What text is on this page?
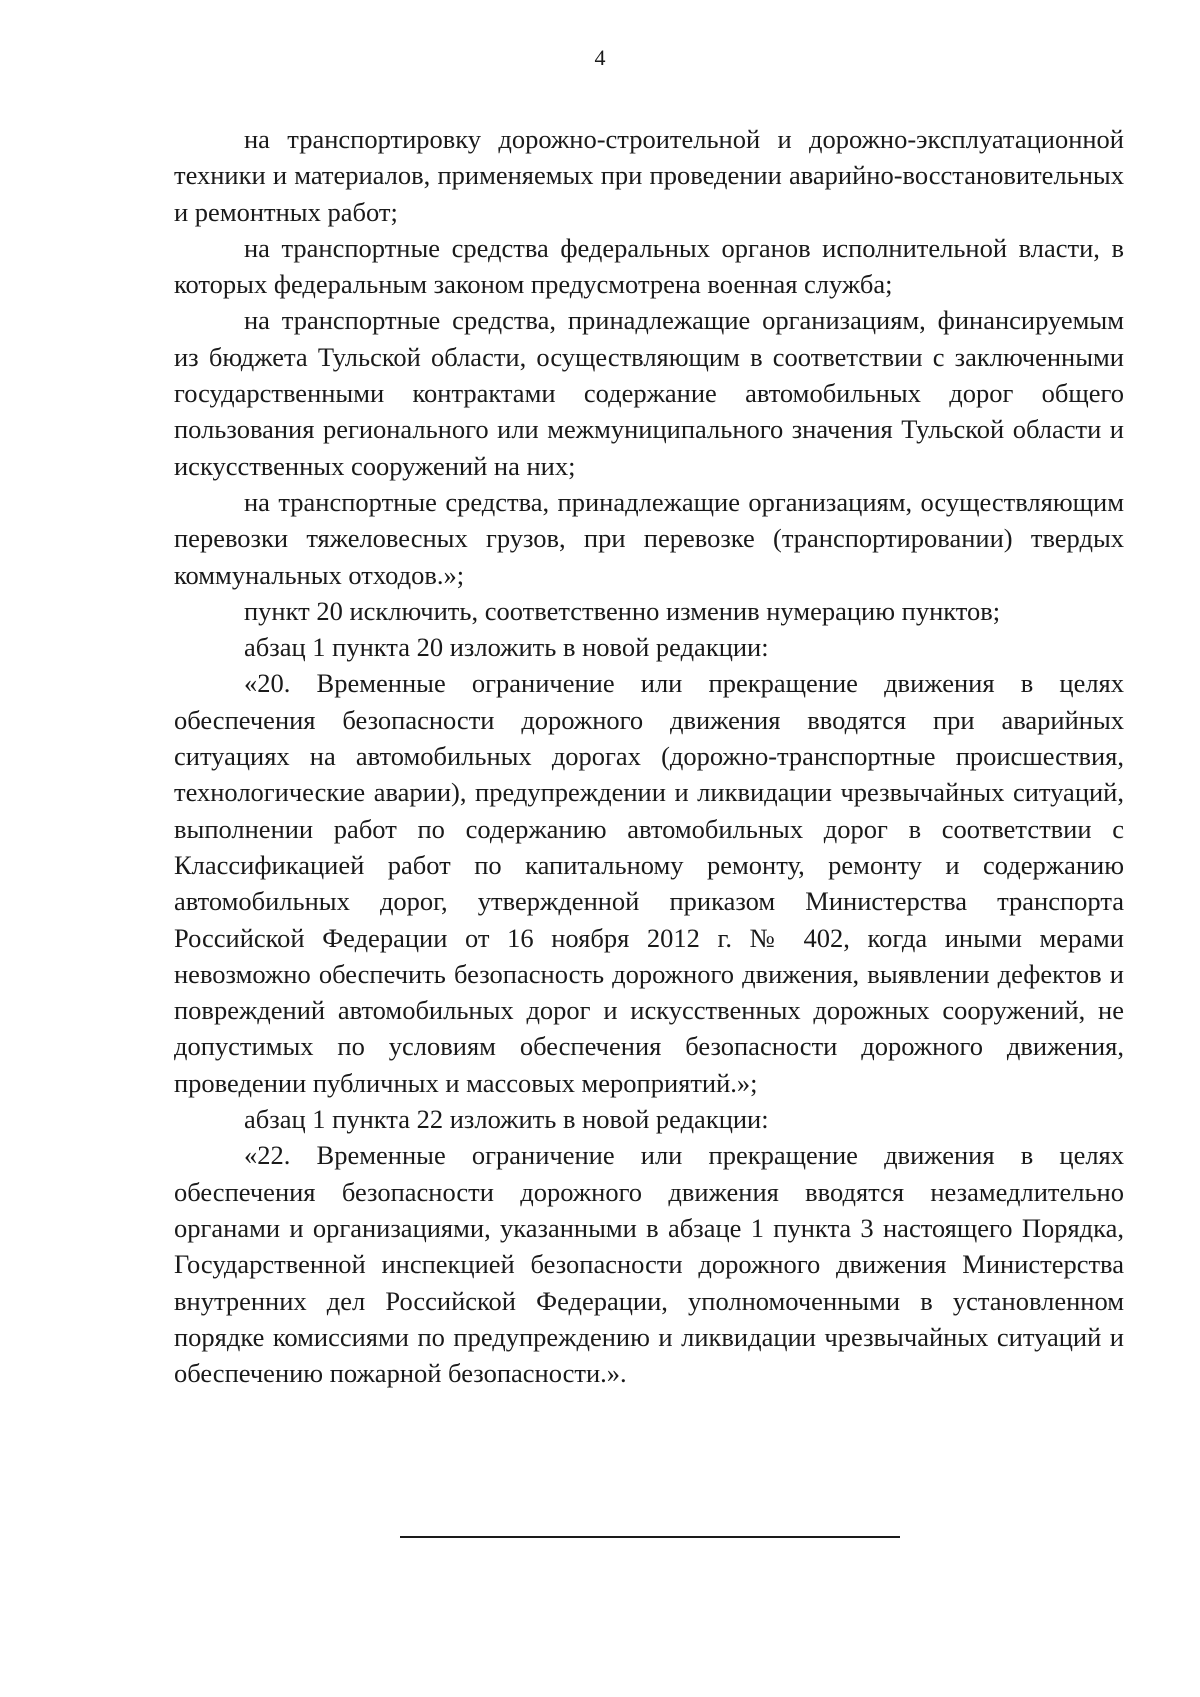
4

на транспортировку дорожно-строительной и дорожно-эксплуатационной техники и материалов, применяемых при проведении аварийно-восстановительных и ремонтных работ;

на транспортные средства федеральных органов исполнительной власти, в которых федеральным законом предусмотрена военная служба;

на транспортные средства, принадлежащие организациям, финансируемым из бюджета Тульской области, осуществляющим в соответствии с заключенными государственными контрактами содержание автомобильных дорог общего пользования регионального или межмуниципального значения Тульской области и искусственных сооружений на них;

на транспортные средства, принадлежащие организациям, осуществляющим перевозки тяжеловесных грузов, при перевозке (транспортировании) твердых коммунальных отходов.»;

пункт 20 исключить, соответственно изменив нумерацию пунктов;

абзац 1 пункта 20 изложить в новой редакции:

«20. Временные ограничение или прекращение движения в целях обеспечения безопасности дорожного движения вводятся при аварийных ситуациях на автомобильных дорогах (дорожно-транспортные происшествия, технологические аварии), предупреждении и ликвидации чрезвычайных ситуаций, выполнении работ по содержанию автомобильных дорог в соответствии с Классификацией работ по капитальному ремонту, ремонту и содержанию автомобильных дорог, утвержденной приказом Министерства транспорта Российской Федерации от 16 ноября 2012 г. № 402, когда иными мерами невозможно обеспечить безопасность дорожного движения, выявлении дефектов и повреждений автомобильных дорог и искусственных дорожных сооружений, не допустимых по условиям обеспечения безопасности дорожного движения, проведении публичных и массовых мероприятий.»;

абзац 1 пункта 22 изложить в новой редакции:

«22. Временные ограничение или прекращение движения в целях обеспечения безопасности дорожного движения вводятся незамедлительно органами и организациями, указанными в абзаце 1 пункта 3 настоящего Порядка, Государственной инспекцией безопасности дорожного движения Министерства внутренних дел Российской Федерации, уполномоченными в установленном порядке комиссиями по предупреждению и ликвидации чрезвычайных ситуаций и обеспечению пожарной безопасности.».
